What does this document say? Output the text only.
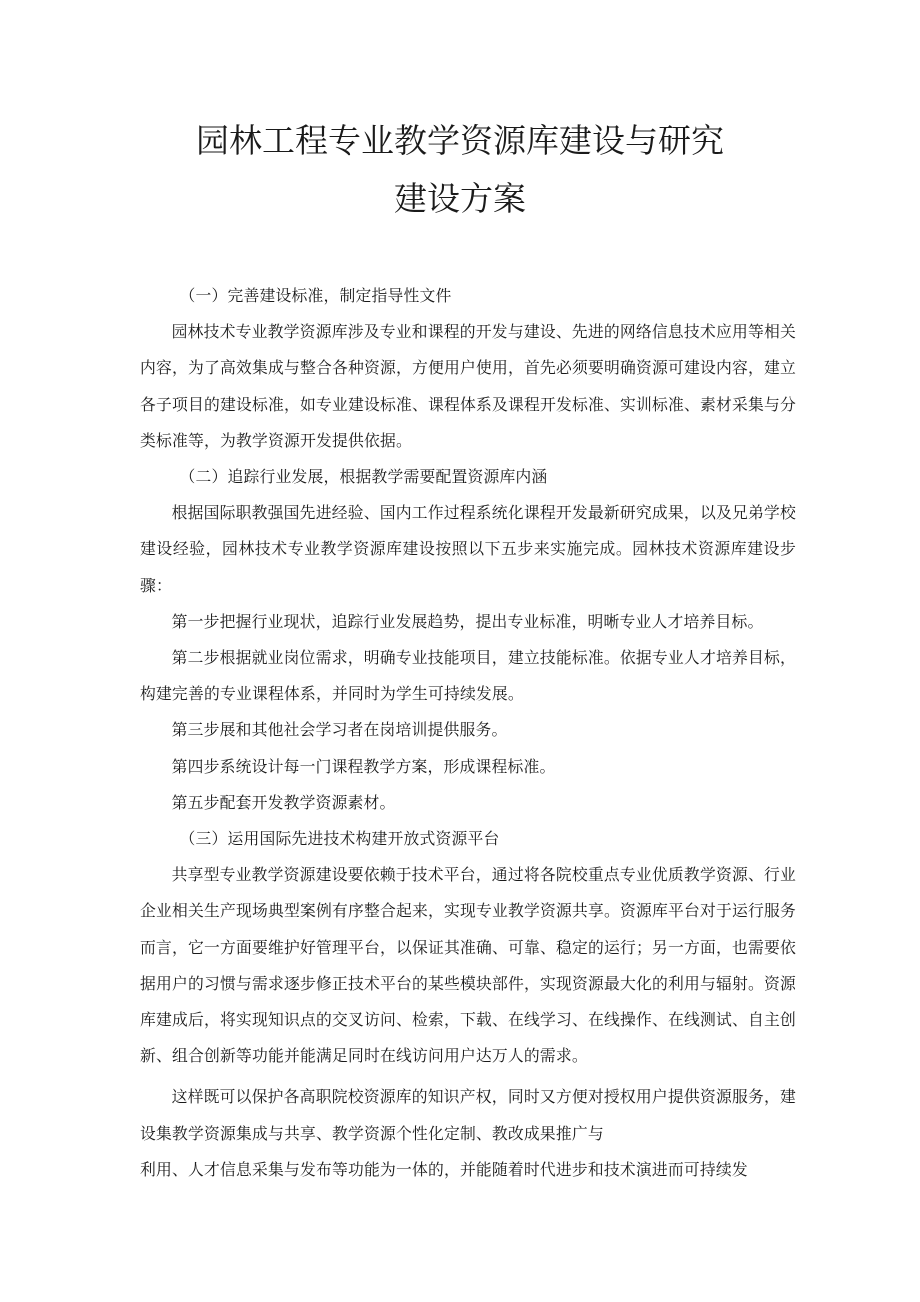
园林工程专业教学资源库建设与研究
建设方案

（一）完善建设标准，制定指导性文件

园林技术专业教学资源库涉及专业和课程的开发与建设、先进的网络信息技术应用等相关内容，为了高效集成与整合各种资源，方便用户使用，首先必须要明确资源可建设内容，建立各子项目的建设标准，如专业建设标准、课程体系及课程开发标准、实训标准、素材采集与分类标准等，为教学资源开发提供依据。

（二）追踪行业发展，根据教学需要配置资源库内涵

根据国际职教强国先进经验、国内工作过程系统化课程开发最新研究成果，以及兄弟学校建设经验，园林技术专业教学资源库建设按照以下五步来实施完成。园林技术资源库建设步骤：

第一步把握行业现状，追踪行业发展趋势，提出专业标准，明晰专业人才培养目标。

第二步根据就业岗位需求，明确专业技能项目，建立技能标准。依据专业人才培养目标，构建完善的专业课程体系，并同时为学生可持续发展。

第三步展和其他社会学习者在岗培训提供服务。

第四步系统设计每一门课程教学方案，形成课程标准。

第五步配套开发教学资源素材。

（三）运用国际先进技术构建开放式资源平台

共享型专业教学资源建设要依赖于技术平台，通过将各院校重点专业优质教学资源、行业企业相关生产现场典型案例有序整合起来，实现专业教学资源共享。资源库平台对于运行服务而言，它一方面要维护好管理平台，以保证其准确、可靠、稳定的运行；另一方面，也需要依据用户的习惯与需求逐步修正技术平台的某些模块部件，实现资源最大化的利用与辐射。资源库建成后，将实现知识点的交叉访问、检索，下载、在线学习、在线操作、在线测试、自主创新、组合创新等功能并能满足同时在线访问用户达万人的需求。

这样既可以保护各高职院校资源库的知识产权，同时又方便对授权用户提供资源服务，建设集教学资源集成与共享、教学资源个性化定制、教改成果推广与

利用、人才信息采集与发布等功能为一体的，并能随着时代进步和技术演进而可持续发
